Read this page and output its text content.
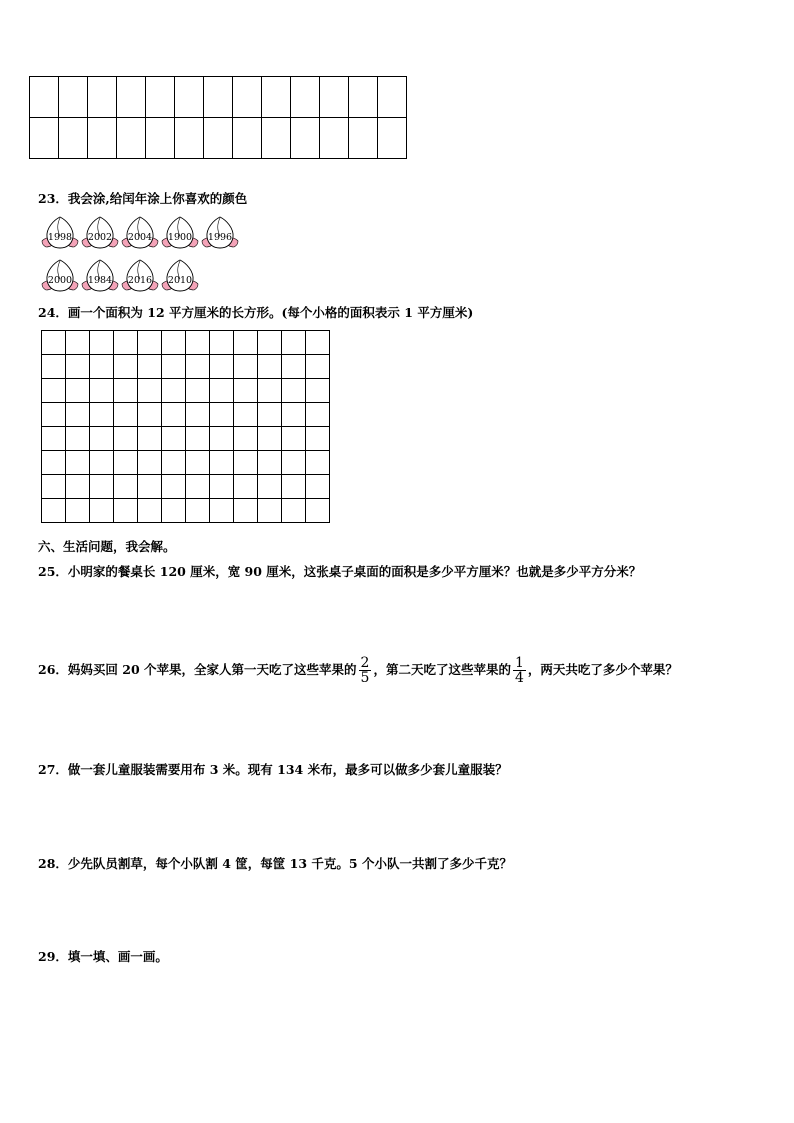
23．我会涂,给闰年涂上你喜欢的颜色
1998	2002	2004	1900	1996
2000	1984	2016	2010
24．画一个面积为 12 平方厘米的长方形。(每个小格的面积表示 1 平方厘米)

六、生活问题，我会解。
25．小明家的餐桌长 120 厘米，宽 90 厘米，这张桌子桌面的面积是多少平方厘米？也就是多少平方分米？
26．妈妈买回 20 个苹果，全家人第一天吃了这些苹果的 $\frac{2}{5}$ ，第二天吃了这些苹果的 $\frac{1}{4}$ ，两天共吃了多少个苹果？
27．做一套儿童服装需要用布 3 米。现有 134 米布，最多可以做多少套儿童服装？
28．少先队员割草，每个小队割 4 筐，每筐 13 千克。5 个小队一共割了多少千克？
29．填一填、画一画。
